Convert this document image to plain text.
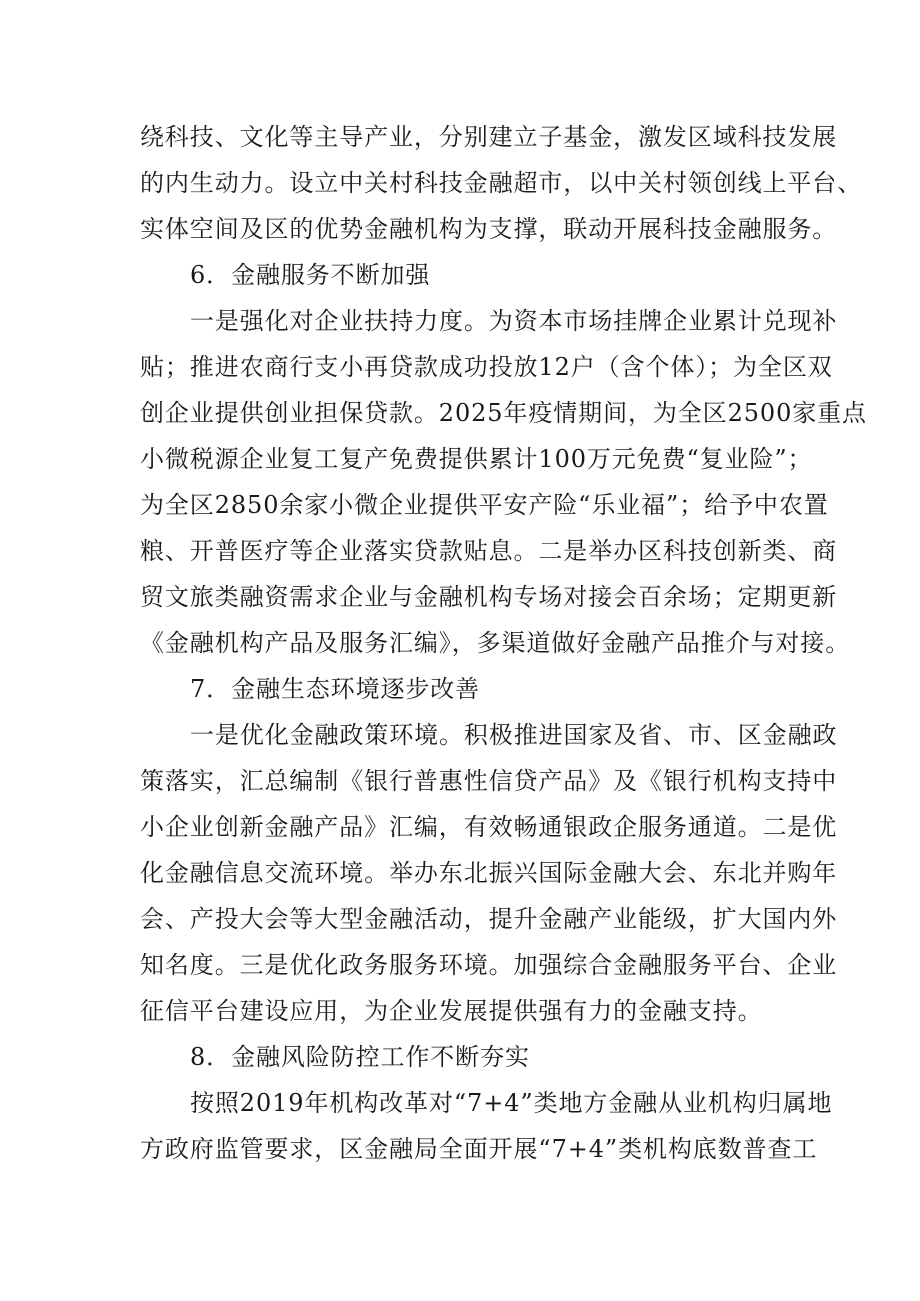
绕科技、文化等主导产业，分别建立子基金，激发区域科技发展
的内生动力。设立中关村科技金融超市，以中关村领创线上平台、
实体空间及区的优势金融机构为支撑，联动开展科技金融服务。
6．金融服务不断加强
一是强化对企业扶持力度。为资本市场挂牌企业累计兑现补
贴；推进农商行支小再贷款成功投放12户（含个体）；为全区双
创企业提供创业担保贷款。2025年疫情期间，为全区2500家重点
小微税源企业复工复产免费提供累计100万元免费“复业险”；
为全区2850余家小微企业提供平安产险“乐业福”；给予中农置
粮、开普医疗等企业落实贷款贴息。二是举办区科技创新类、商
贸文旅类融资需求企业与金融机构专场对接会百余场；定期更新
《金融机构产品及服务汇编》，多渠道做好金融产品推介与对接。
7．金融生态环境逐步改善
一是优化金融政策环境。积极推进国家及省、市、区金融政
策落实，汇总编制《银行普惠性信贷产品》及《银行机构支持中
小企业创新金融产品》汇编，有效畅通银政企服务通道。二是优
化金融信息交流环境。举办东北振兴国际金融大会、东北并购年
会、产投大会等大型金融活动，提升金融产业能级，扩大国内外
知名度。三是优化政务服务环境。加强综合金融服务平台、企业
征信平台建设应用，为企业发展提供强有力的金融支持。
8．金融风险防控工作不断夯实
按照2019年机构改革对“7+4”类地方金融从业机构归属地
方政府监管要求，区金融局全面开展“7+4”类机构底数普查工
